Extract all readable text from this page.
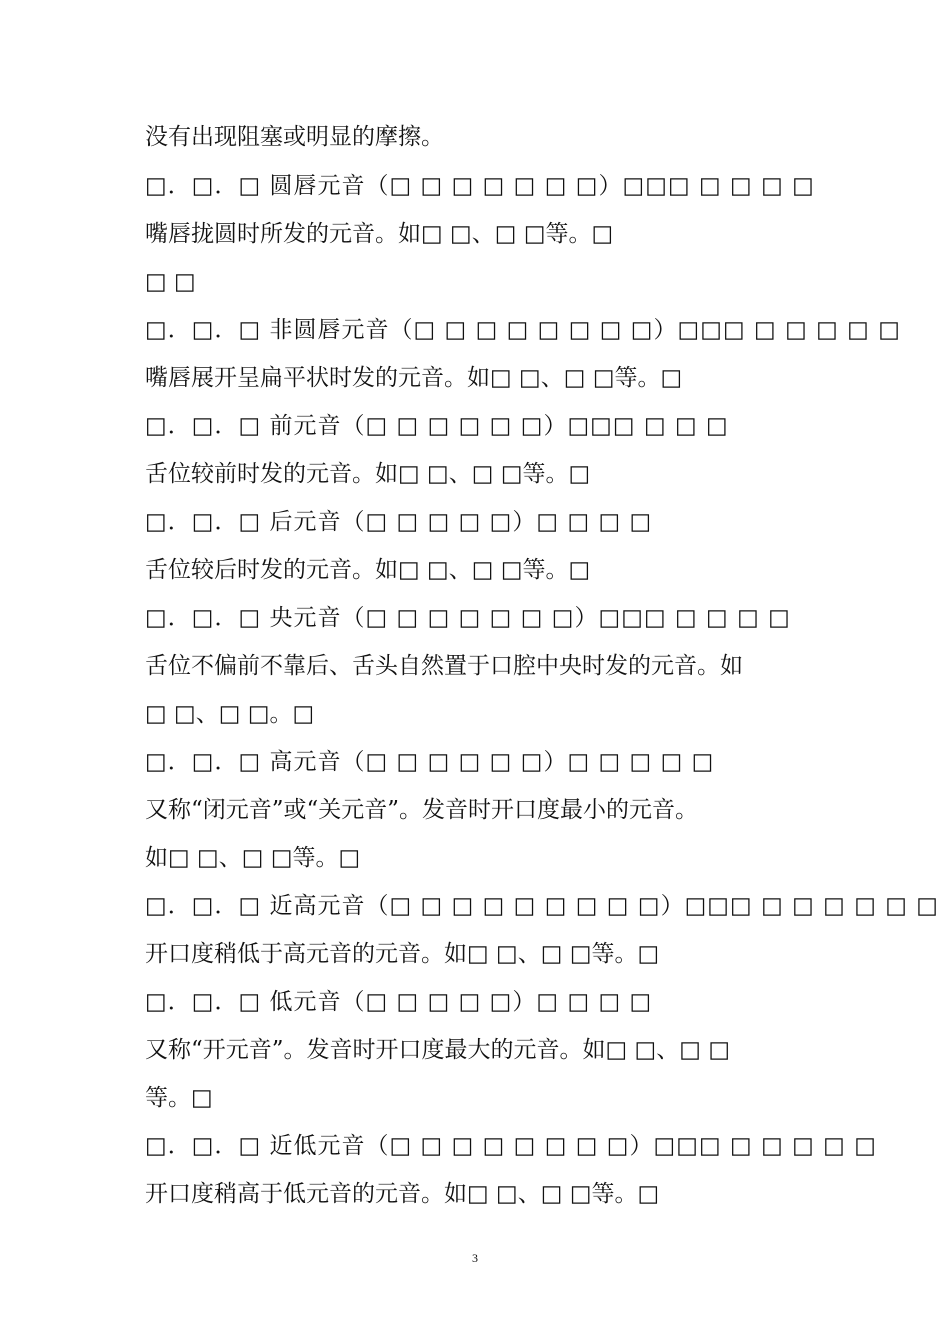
没有出现阻塞或明显的摩擦。
□．□．□ 圆唇元音（□ □ □ □ □ □ □）□□□ □ □ □ □
嘴唇拢圆时所发的元音。如□ □、□ □等。□
□ □
□．□．□ 非圆唇元音（□ □ □ □ □ □ □ □）□□□ □ □ □ □ □
嘴唇展开呈扁平状时发的元音。如□ □、□ □等。□
□．□．□ 前元音（□ □ □ □ □ □）□□□ □ □ □
舌位较前时发的元音。如□ □、□ □等。□
□．□．□ 后元音（□ □ □ □ □）□ □ □ □
舌位较后时发的元音。如□ □、□ □等。□
□．□．□ 央元音（□ □ □ □ □ □ □）□□□ □ □ □ □
舌位不偏前不靠后、舌头自然置于口腔中央时发的元音。如
□ □、□ □。□
□．□．□ 高元音（□ □ □ □ □ □）□ □ □ □ □
又称“闭元音”或“关元音”。发音时开口度最小的元音。
如□ □、□ □等。□
□．□．□ 近高元音（□ □ □ □ □ □ □ □ □）□□□ □ □ □ □ □ □
开口度稍低于高元音的元音。如□ □、□ □等。□
□．□．□ 低元音（□ □ □ □ □）□ □ □ □
又称“开元音”。发音时开口度最大的元音。如□ □、□ □
等。□
□．□．□ 近低元音（□ □ □ □ □ □ □ □）□□□ □ □ □ □ □
开口度稍高于低元音的元音。如□ □、□ □等。□
3
